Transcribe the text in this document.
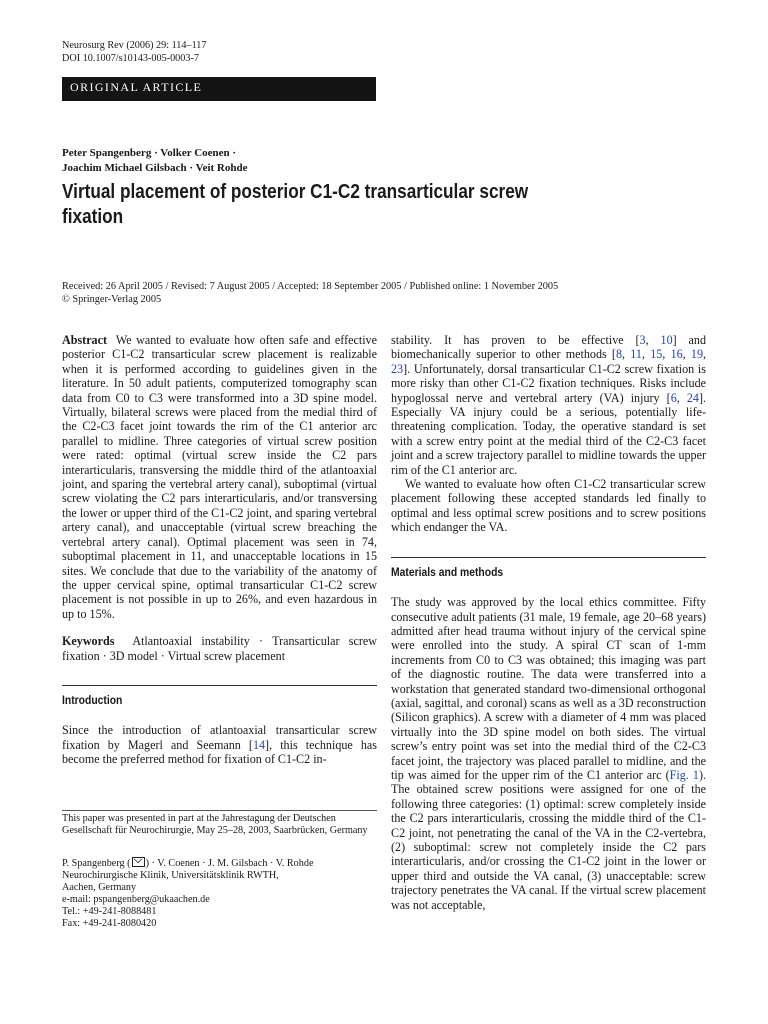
Neurosurg Rev (2006) 29: 114–117
DOI 10.1007/s10143-005-0003-7
ORIGINAL ARTICLE
Peter Spangenberg · Volker Coenen ·
Joachim Michael Gilsbach · Veit Rohde
Virtual placement of posterior C1-C2 transarticular screw fixation
Received: 26 April 2005 / Revised: 7 August 2005 / Accepted: 18 September 2005 / Published online: 1 November 2005
© Springer-Verlag 2005

Abstract We wanted to evaluate how often safe and effective posterior C1-C2 transarticular screw placement is realizable when it is performed according to guidelines given in the literature. In 50 adult patients, computerized tomography scan data from C0 to C3 were transformed into a 3D spine model. Virtually, bilateral screws were placed from the medial third of the C2-C3 facet joint towards the rim of the C1 anterior arc parallel to midline. Three categories of virtual screw position were rated: optimal (virtual screw inside the C2 pars interarticularis, transversing the middle third of the atlantoaxial joint, and sparing the vertebral artery canal), suboptimal (virtual screw violating the C2 pars interarticularis, and/or transversing the lower or upper third of the C1-C2 joint, and sparing vertebral artery canal), and unacceptable (virtual screw breaching the vertebral artery canal). Optimal placement was seen in 74, suboptimal placement in 11, and unacceptable locations in 15 sites. We conclude that due to the variability of the anatomy of the upper cervical spine, optimal transarticular C1-C2 screw placement is not possible in up to 26%, and even hazardous in up to 15%.

Keywords Atlantoaxial instability · Transarticular screw fixation · 3D model · Virtual screw placement

Introduction

Since the introduction of atlantoaxial transarticular screw fixation by Magerl and Seemann [14], this technique has become the preferred method for fixation of C1-C2 in-

This paper was presented in part at the Jahrestagung der Deutschen Gesellschaft für Neurochirurgie, May 25–28, 2003, Saarbrücken, Germany
P. Spangenberg ( ) · V. Coenen · J. M. Gilsbach · V. Rohde
Neurochirurgische Klinik, Universitätsklinik RWTH,
Aachen, Germany
e-mail: pspangenberg@ukaachen.de
Tel.: +49-241-8088481
Fax: +49-241-8080420

stability. It has proven to be effective [3, 10] and biomechanically superior to other methods [8, 11, 15, 16, 19, 23]. Unfortunately, dorsal transarticular C1-C2 screw fixation is more risky than other C1-C2 fixation techniques. Risks include hypoglossal nerve and vertebral artery (VA) injury [6, 24]. Especially VA injury could be a serious, potentially life-threatening complication. Today, the operative standard is set with a screw entry point at the medial third of the C2-C3 facet joint and a screw trajectory parallel to midline towards the upper rim of the C1 anterior arc.

We wanted to evaluate how often C1-C2 transarticular screw placement following these accepted standards led finally to optimal and less optimal screw positions and to screw positions which endanger the VA.

Materials and methods

The study was approved by the local ethics committee. Fifty consecutive adult patients (31 male, 19 female, age 20–68 years) admitted after head trauma without injury of the cervical spine were enrolled into the study. A spiral CT scan of 1-mm increments from C0 to C3 was obtained; this imaging was part of the diagnostic routine. The data were transferred into a workstation that generated standard two-dimensional orthogonal (axial, sagittal, and coronal) scans as well as a 3D reconstruction (Silicon graphics). A screw with a diameter of 4 mm was placed virtually into the 3D spine model on both sides. The virtual screw’s entry point was set into the medial third of the C2-C3 facet joint, the trajectory was placed parallel to midline, and the tip was aimed for the upper rim of the C1 anterior arc (Fig. 1). The obtained screw positions were assigned for one of the following three categories: (1) optimal: screw completely inside the C2 pars interarticularis, crossing the middle third of the C1-C2 joint, not penetrating the canal of the VA in the C2-vertebra, (2) suboptimal: screw not completely inside the C2 pars interarticularis, and/or crossing the C1-C2 joint in the lower or upper third and outside the VA canal, (3) unacceptable: screw trajectory penetrates the VA canal. If the virtual screw placement was not acceptable,
